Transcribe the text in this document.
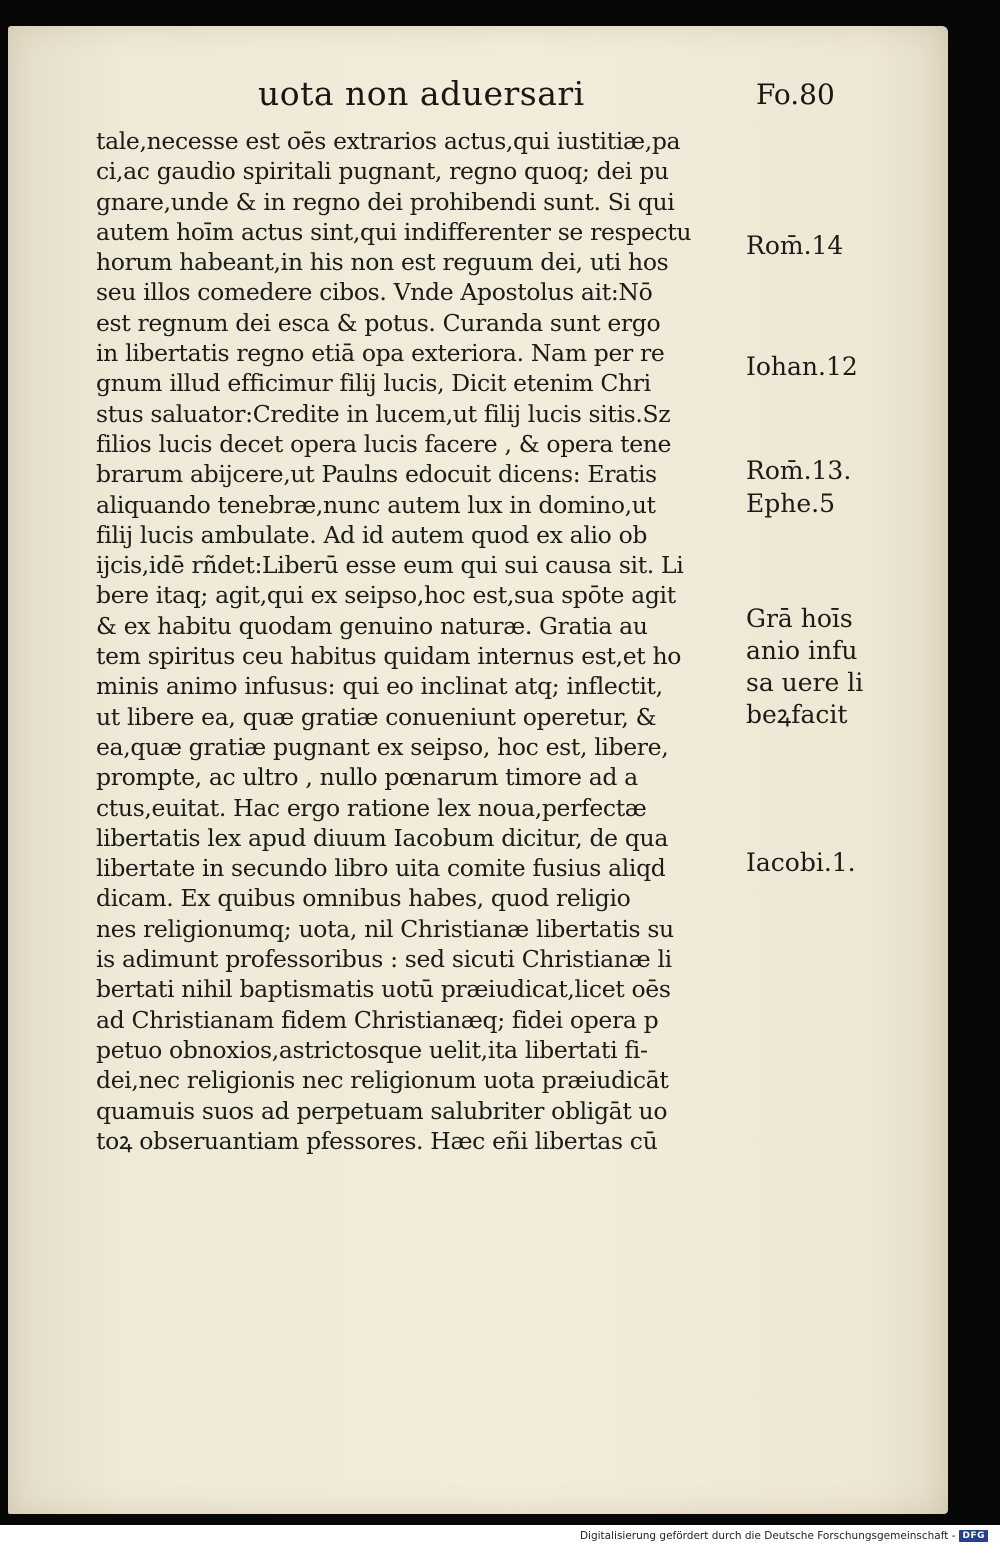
uota non aduersari	Fo.80
tale,necesse est oēs extrarios actus,qui iustitiæ,pa
ci,ac gaudio spiritali pugnant, regno quoq; dei pu
gnare,unde & in regno dei prohibendi sunt. Si qui
autem hoīm actus sint,qui indifferenter se respectu
horum habeant,in his non est reguum dei, uti hos
seu illos comedere cibos. Vnde Apostolus ait:Nō
est regnum dei esca & potus. Curanda sunt ergo
in libertatis regno etiā opa exteriora. Nam per re
gnum illud efficimur filij lucis, Dicit etenim Chri
stus saluator:Credite in lucem,ut filij lucis sitis.Sz
filios lucis decet opera lucis facere , & opera tene
brarum abijcere,ut Paulns edocuit dicens: Eratis
aliquando tenebræ,nunc autem lux in domino,ut
filij lucis ambulate. Ad id autem quod ex alio ob
ijcis,idē rñdet:Liberū esse eum qui sui causa sit. Li
bere itaq; agit,qui ex seipso,hoc est,sua spōte agit
& ex habitu quodam genuino naturæ. Gratia au
tem spiritus ceu habitus quidam internus est,et ho
minis animo infusus: qui eo inclinat atq; inflectit,
ut libere ea, quæ gratiæ conueniunt operetur, &
ea,quæ gratiæ pugnant ex seipso, hoc est, libere,
prompte, ac ultro , nullo pœnarum timore ad a
ctus,euitat. Hac ergo ratione lex noua,perfectæ
libertatis lex apud diuum Iacobum dicitur, de qua
libertate in secundo libro uita comite fusius aliqd
dicam. Ex quibus omnibus habes, quod religio
nes religionumq; uota, nil Christianæ libertatis su
is adimunt professoribus : sed sicuti Christianæ li
bertati nihil baptismatis uotū præiudicat,licet oēs
ad Christianam fidem Christianæq; fidei opera p
petuo obnoxios,astrictosque uelit,ita libertati fi-
dei,nec religionis nec religionum uota præiudicāt
quamuis suos ad perpetuam salubriter obligāt uo
toꝝ obseruantiam pfessores. Hæc eñi libertas cū
Rom̄.14
Iohan.12
Rom̄.13.
Ephe.5
Grā hoīs
anio infu
sa uere li
beꝝfacit
Iacobi.1.
Digitalisierung gefördert durch die Deutsche Forschungsgemeinschaft - DFG
